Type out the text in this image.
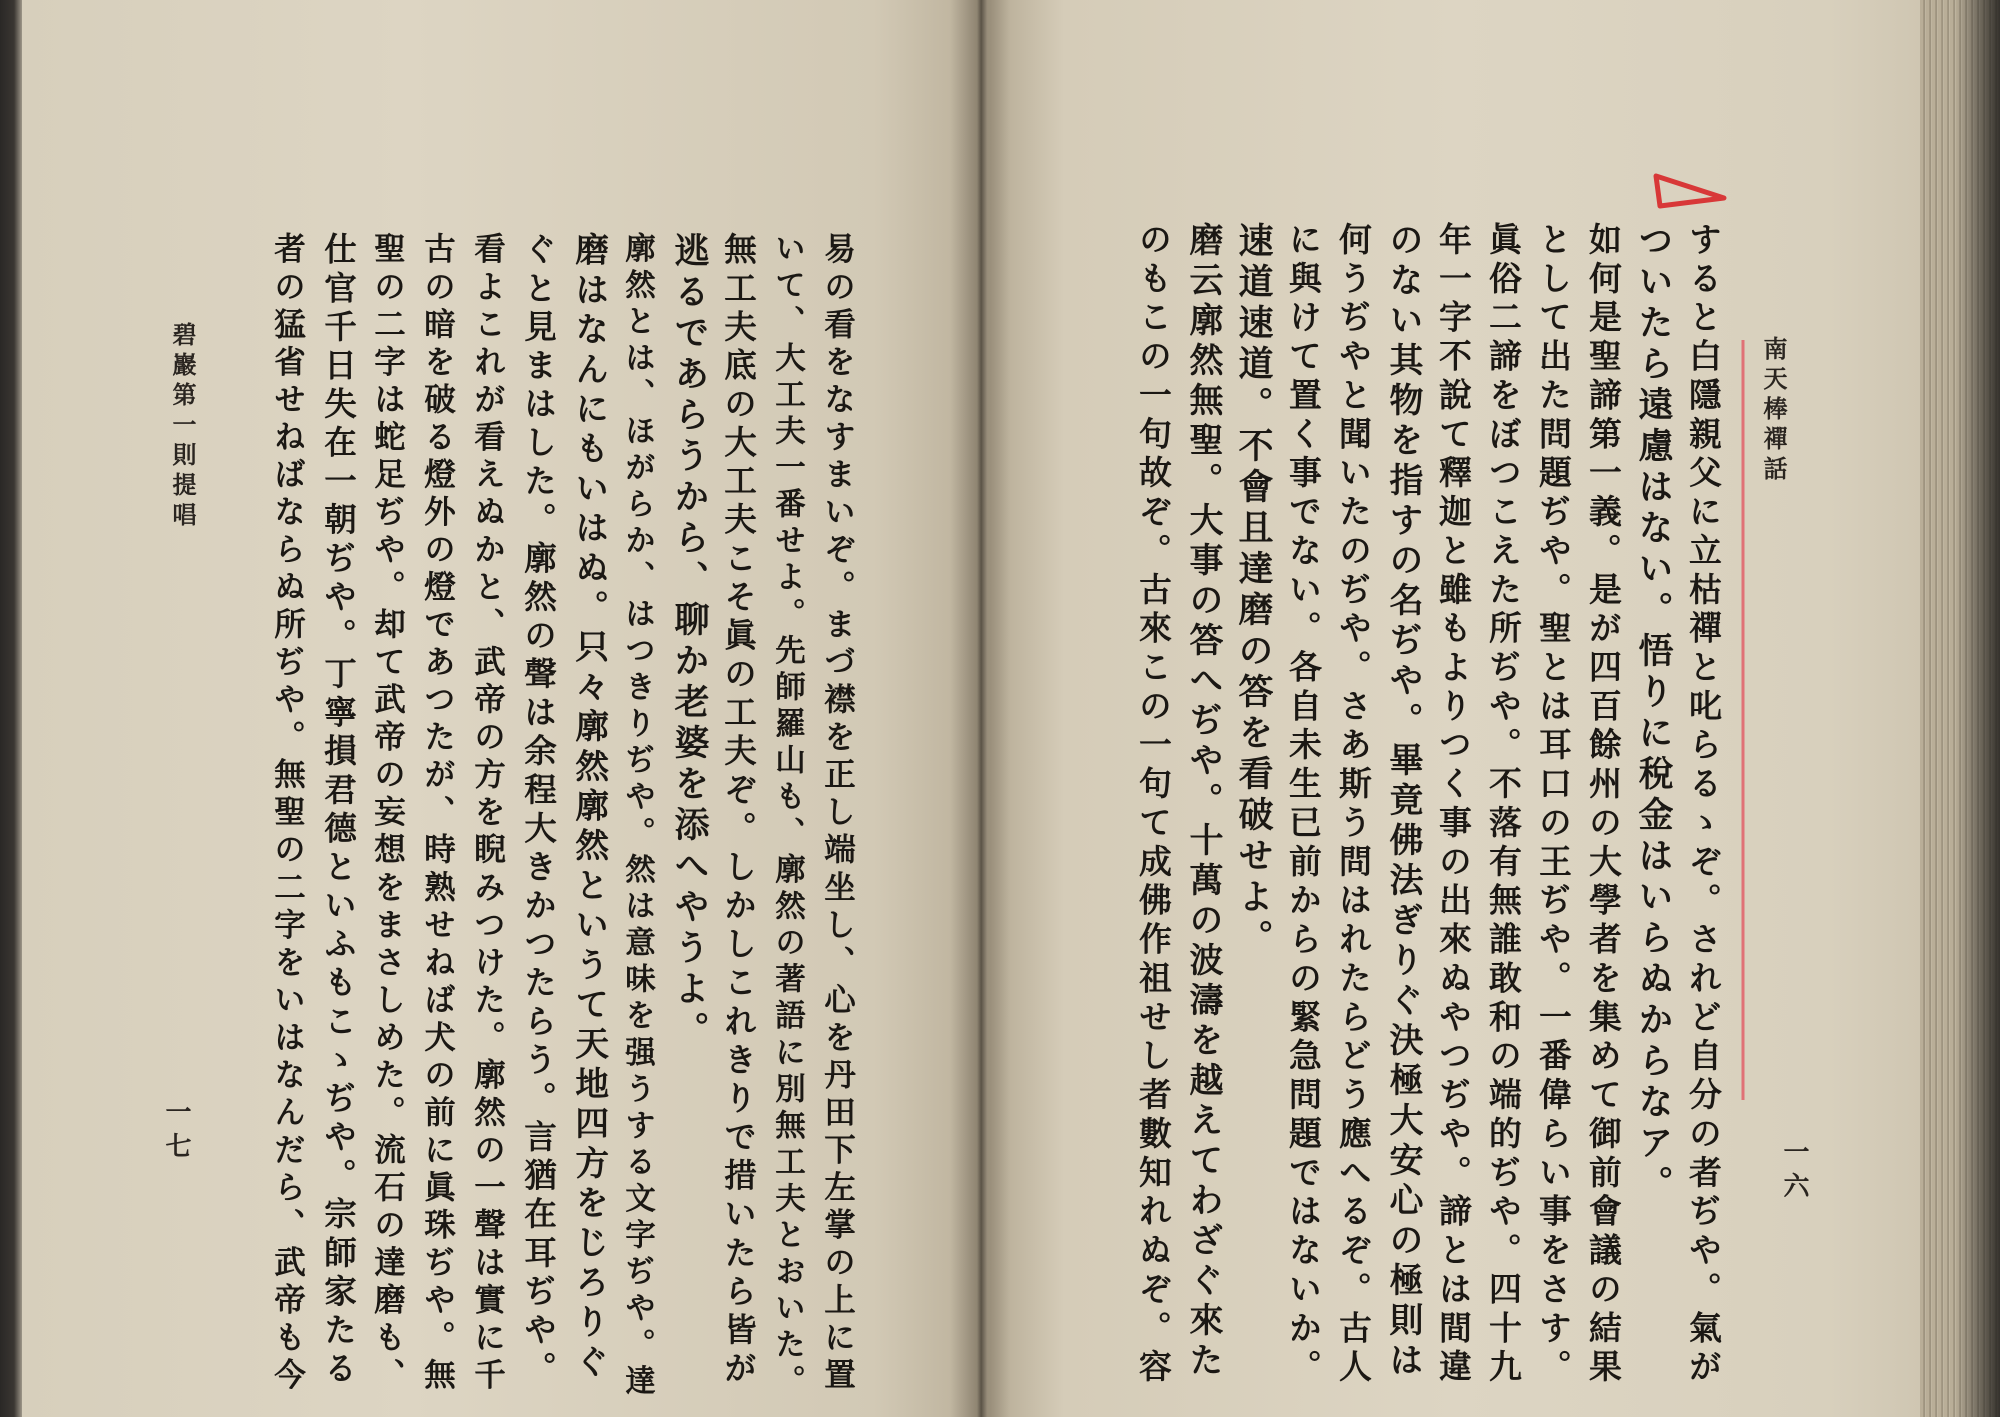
南天棒禪話
一六
すると白隱親父に立枯禪と叱らるゝぞ。されど自分の者ぢや。氣が
ついたら遠慮はない。悟りに稅金はいらぬからなア。
如何是聖諦第一義。是が四百餘州の大學者を集めて御前會議の結果
として出た問題ぢや。聖とは耳口の王ぢや。一番偉らい事をさす。
眞俗二諦をぼつこえた所ぢや。不落有無誰敢和の端的ぢや。四十九
年一字不說て釋迦と雖もよりつく事の出來ぬやつぢや。諦とは間違
のない其物を指すの名ぢや。畢竟佛法ぎりぐ決極大安心の極則は
何うぢやと聞いたのぢや。さあ斯う問はれたらどう應へるぞ。古人
に與けて置く事でない。各自未生已前からの緊急問題ではないか。
速道速道。不會且達磨の答を看破せよ。
磨云廓然無聖。大事の答へぢや。十萬の波濤を越えてわざぐ來た
のもこの一句故ぞ。古來この一句て成佛作祖せし者數知れぬぞ。容
碧巖第一則提唱
一七	易の看をなすまいぞ。まづ襟を正し端坐し、心を丹田下左掌の上に置
いて、大工夫一番せよ。先師羅山も、廓然の著語に別無工夫とおいた。
無工夫底の大工夫こそ眞の工夫ぞ。しかしこれきりで措いたら皆が
逃るであらうから、聊か老婆を添へやうよ。
廓然とは、ほがらか、はつきりぢや。然は意味を强うする文字ぢや。達
磨はなんにもいはぬ。只々廓然廓然というて天地四方をじろりぐ
ぐと見まはした。廓然の聲は余程大きかつたらう。言猶在耳ぢや。
看よこれが看えぬかと、武帝の方を睨みつけた。廓然の一聲は實に千
古の暗を破る燈外の燈であつたが、時熟せねば犬の前に眞珠ぢや。無
聖の二字は蛇足ぢや。却て武帝の妄想をまさしめた。流石の達磨も、
仕官千日失在一朝ぢや。丁寧損君德といふもこゝぢや。宗師家たる
者の猛省せねばならぬ所ぢや。無聖の二字をいはなんだら、武帝も今
